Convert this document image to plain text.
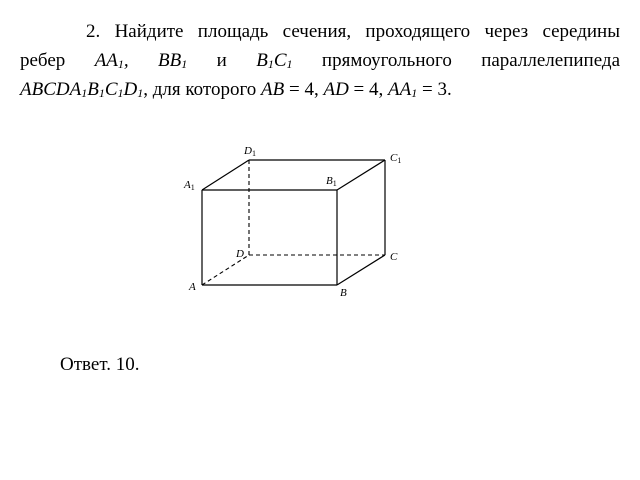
2. Найдите площадь сечения, проходящего через середины
ребер $AA_1$, $BB_1$ и $B_1C_1$ прямоугольного параллелепипеда
$ABCDA_1B_1C_1D_1$, для которого AB = 4, AD = 4, $AA_1 = 3$.
A	B
C
D
A1
B1
C1
D1
Ответ. 10.
